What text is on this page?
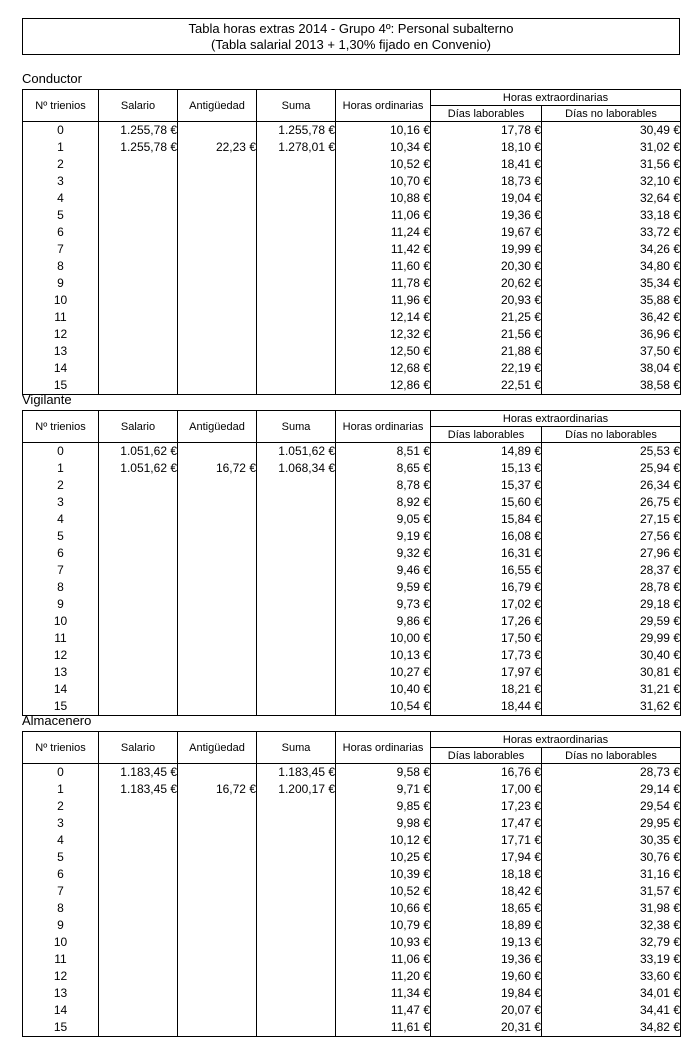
Tabla horas extras 2014 - Grupo 4º: Personal subalterno
(Tabla salarial 2013 + 1,30% fijado en Convenio)
Conductor
Nº trienios	Salario	Antigüedad	Suma	Horas ordinarias	Horas extraordinarias	
					Días laborables	Días no laborables
0	1.255,78 €		1.255,78 €	10,16 €	17,78 €	30,49 €
1	1.255,78 €	22,23 €	1.278,01 €	10,34 €	18,10 €	31,02 €
2				10,52 €	18,41 €	31,56 €
3				10,70 €	18,73 €	32,10 €
4				10,88 €	19,04 €	32,64 €
5				11,06 €	19,36 €	33,18 €
6				11,24 €	19,67 €	33,72 €
7				11,42 €	19,99 €	34,26 €
8				11,60 €	20,30 €	34,80 €
9				11,78 €	20,62 €	35,34 €
10				11,96 €	20,93 €	35,88 €
11				12,14 €	21,25 €	36,42 €
12				12,32 €	21,56 €	36,96 €
13				12,50 €	21,88 €	37,50 €
14				12,68 €	22,19 €	38,04 €
15				12,86 €	22,51 €	38,58 €
Vigilante
Nº trienios	Salario	Antigüedad	Suma	Horas ordinarias	Horas extraordinarias	
					Días laborables	Días no laborables
0	1.051,62 €		1.051,62 €	8,51 €	14,89 €	25,53 €
1	1.051,62 €	16,72 €	1.068,34 €	8,65 €	15,13 €	25,94 €
2				8,78 €	15,37 €	26,34 €
3				8,92 €	15,60 €	26,75 €
4				9,05 €	15,84 €	27,15 €
5				9,19 €	16,08 €	27,56 €
6				9,32 €	16,31 €	27,96 €
7				9,46 €	16,55 €	28,37 €
8				9,59 €	16,79 €	28,78 €
9				9,73 €	17,02 €	29,18 €
10				9,86 €	17,26 €	29,59 €
11				10,00 €	17,50 €	29,99 €
12				10,13 €	17,73 €	30,40 €
13				10,27 €	17,97 €	30,81 €
14				10,40 €	18,21 €	31,21 €
15				10,54 €	18,44 €	31,62 €
Almacenero
Nº trienios	Salario	Antigüedad	Suma	Horas ordinarias	Horas extraordinarias	
					Días laborables	Días no laborables
0	1.183,45 €		1.183,45 €	9,58 €	16,76 €	28,73 €
1	1.183,45 €	16,72 €	1.200,17 €	9,71 €	17,00 €	29,14 €
2				9,85 €	17,23 €	29,54 €
3				9,98 €	17,47 €	29,95 €
4				10,12 €	17,71 €	30,35 €
5				10,25 €	17,94 €	30,76 €
6				10,39 €	18,18 €	31,16 €
7				10,52 €	18,42 €	31,57 €
8				10,66 €	18,65 €	31,98 €
9				10,79 €	18,89 €	32,38 €
10				10,93 €	19,13 €	32,79 €
11				11,06 €	19,36 €	33,19 €
12				11,20 €	19,60 €	33,60 €
13				11,34 €	19,84 €	34,01 €
14				11,47 €	20,07 €	34,41 €
15				11,61 €	20,31 €	34,82 €
